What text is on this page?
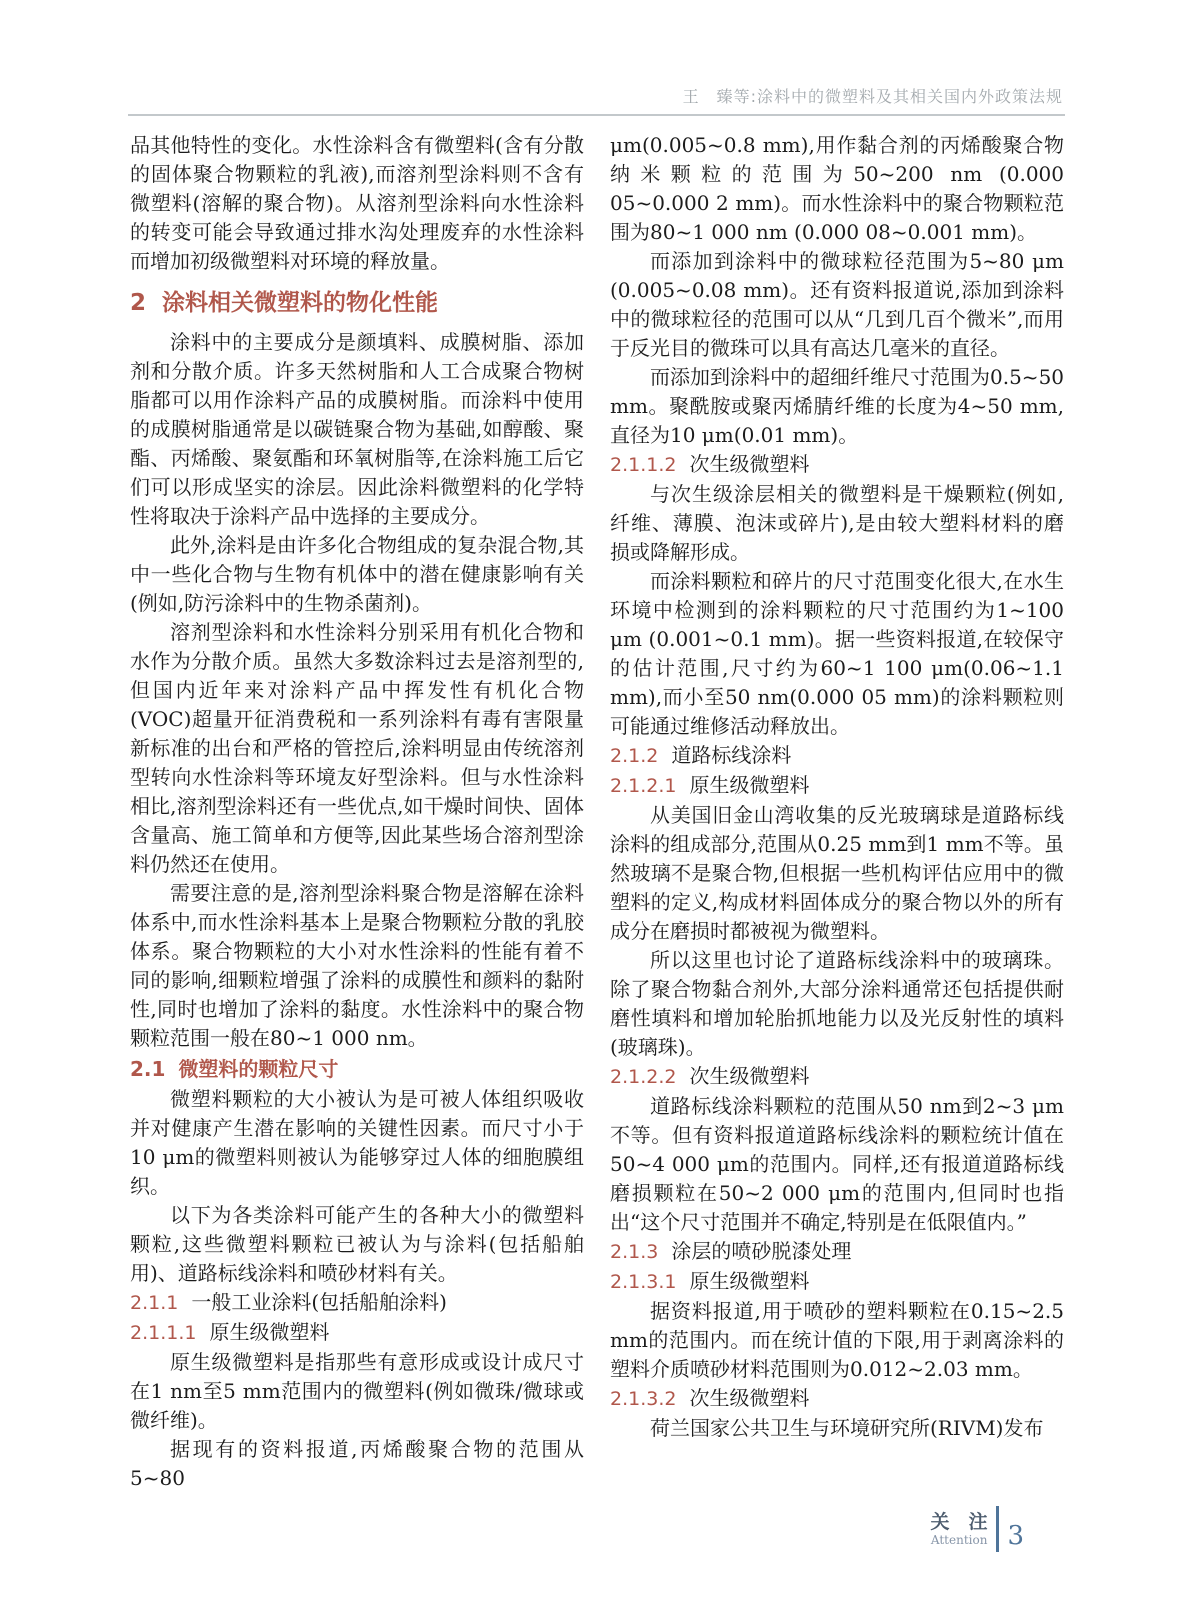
王　臻等:涂料中的微塑料及其相关国内外政策法规

品其他特性的变化。水性涂料含有微塑料(含有分散的固体聚合物颗粒的乳液),而溶剂型涂料则不含有微塑料(溶解的聚合物)。从溶剂型涂料向水性涂料的转变可能会导致通过排水沟处理废弃的水性涂料而增加初级微塑料对环境的释放量。

2 涂料相关微塑料的物化性能

涂料中的主要成分是颜填料、成膜树脂、添加剂和分散介质。许多天然树脂和人工合成聚合物树脂都可以用作涂料产品的成膜树脂。而涂料中使用的成膜树脂通常是以碳链聚合物为基础,如醇酸、聚酯、丙烯酸、聚氨酯和环氧树脂等,在涂料施工后它们可以形成坚实的涂层。因此涂料微塑料的化学特性将取决于涂料产品中选择的主要成分。

此外,涂料是由许多化合物组成的复杂混合物,其中一些化合物与生物有机体中的潜在健康影响有关(例如,防污涂料中的生物杀菌剂)。

溶剂型涂料和水性涂料分别采用有机化合物和水作为分散介质。虽然大多数涂料过去是溶剂型的,但国内近年来对涂料产品中挥发性有机化合物(VOC)超量开征消费税和一系列涂料有毒有害限量新标准的出台和严格的管控后,涂料明显由传统溶剂型转向水性涂料等环境友好型涂料。但与水性涂料相比,溶剂型涂料还有一些优点,如干燥时间快、固体含量高、施工简单和方便等,因此某些场合溶剂型涂料仍然还在使用。

需要注意的是,溶剂型涂料聚合物是溶解在涂料体系中,而水性涂料基本上是聚合物颗粒分散的乳胶体系。聚合物颗粒的大小对水性涂料的性能有着不同的影响,细颗粒增强了涂料的成膜性和颜料的黏附性,同时也增加了涂料的黏度。水性涂料中的聚合物颗粒范围一般在80~1 000 nm。

2.1 微塑料的颗粒尺寸

微塑料颗粒的大小被认为是可被人体组织吸收并对健康产生潜在影响的关键性因素。而尺寸小于10 μm的微塑料则被认为能够穿过人体的细胞膜组织。

以下为各类涂料可能产生的各种大小的微塑料颗粒,这些微塑料颗粒已被认为与涂料(包括船舶用)、道路标线涂料和喷砂材料有关。

2.1.1 一般工业涂料(包括船舶涂料)
2.1.1.1 原生级微塑料

原生级微塑料是指那些有意形成或设计成尺寸在1 nm至5 mm范围内的微塑料(例如微珠/微球或微纤维)。

据现有的资料报道,丙烯酸聚合物的范围从5~80

μm(0.005~0.8 mm),用作黏合剂的丙烯酸聚合物纳米颗粒的范围为50~200 nm (0.000 05~0.000 2 mm)。而水性涂料中的聚合物颗粒范围为80~1 000 nm (0.000 08~0.001 mm)。

而添加到涂料中的微球粒径范围为5~80 μm (0.005~0.08 mm)。还有资料报道说,添加到涂料中的微球粒径的范围可以从“几到几百个微米”,而用于反光目的微珠可以具有高达几毫米的直径。

而添加到涂料中的超细纤维尺寸范围为0.5~50 mm。聚酰胺或聚丙烯腈纤维的长度为4~50 mm,直径为10 μm(0.01 mm)。

2.1.1.2 次生级微塑料

与次生级涂层相关的微塑料是干燥颗粒(例如,纤维、薄膜、泡沫或碎片),是由较大塑料材料的磨损或降解形成。

而涂料颗粒和碎片的尺寸范围变化很大,在水生环境中检测到的涂料颗粒的尺寸范围约为1~100 μm (0.001~0.1 mm)。据一些资料报道,在较保守的估计范围,尺寸约为60~1 100 μm(0.06~1.1 mm),而小至50 nm(0.000 05 mm)的涂料颗粒则可能通过维修活动释放出。

2.1.2 道路标线涂料
2.1.2.1 原生级微塑料

从美国旧金山湾收集的反光玻璃球是道路标线涂料的组成部分,范围从0.25 mm到1 mm不等。虽然玻璃不是聚合物,但根据一些机构评估应用中的微塑料的定义,构成材料固体成分的聚合物以外的所有成分在磨损时都被视为微塑料。

所以这里也讨论了道路标线涂料中的玻璃珠。除了聚合物黏合剂外,大部分涂料通常还包括提供耐磨性填料和增加轮胎抓地能力以及光反射性的填料(玻璃珠)。

2.1.2.2 次生级微塑料

道路标线涂料颗粒的范围从50 nm到2~3 μm不等。但有资料报道道路标线涂料的颗粒统计值在50~4 000 μm的范围内。同样,还有报道道路标线磨损颗粒在50~2 000 μm的范围内,但同时也指出“这个尺寸范围并不确定,特别是在低限值内。”

2.1.3 涂层的喷砂脱漆处理
2.1.3.1 原生级微塑料

据资料报道,用于喷砂的塑料颗粒在0.15~2.5 mm的范围内。而在统计值的下限,用于剥离涂料的塑料介质喷砂材料范围则为0.012~2.03 mm。

2.1.3.2 次生级微塑料

荷兰国家公共卫生与环境研究所(RIVM)发布

关　注
Attention 3
